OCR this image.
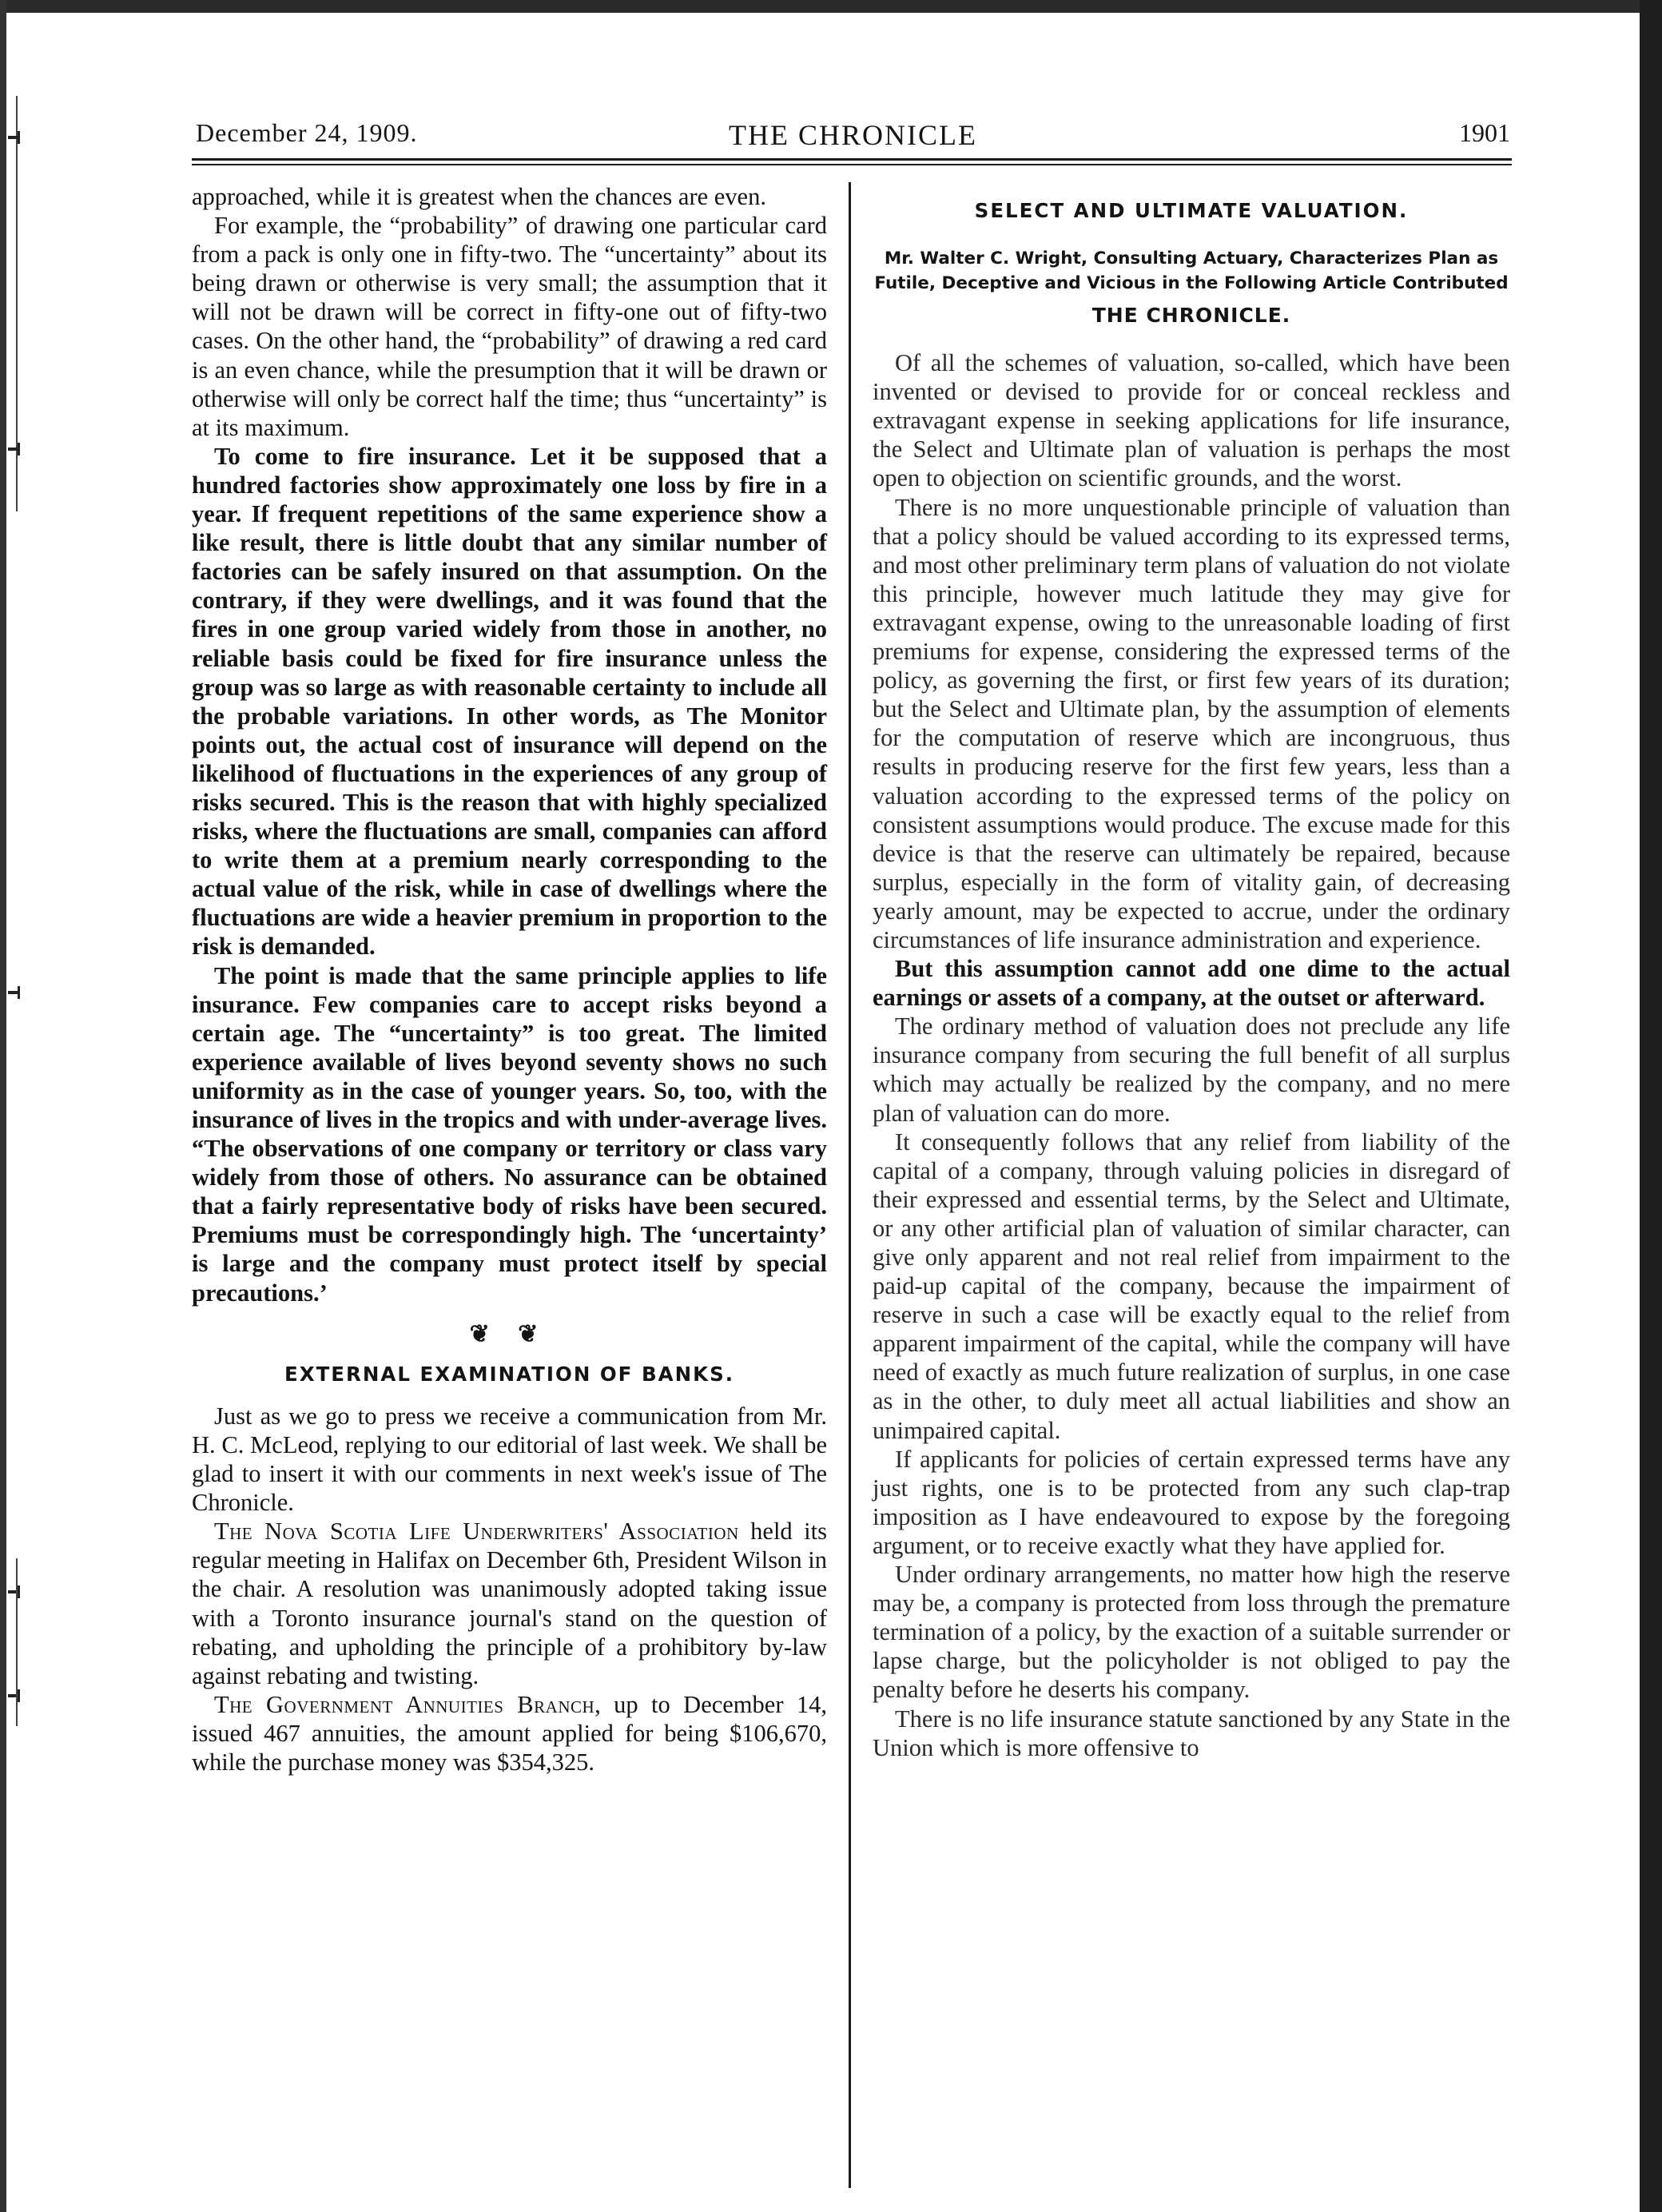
December 24, 1909.	THE CHRONICLE	1901

approached, while it is greatest when the chances are even.

For example, the “probability” of drawing one particular card from a pack is only one in fifty-two. The “uncertainty” about its being drawn or otherwise is very small; the assumption that it will not be drawn will be correct in fifty-one out of fifty-two cases. On the other hand, the “probability” of drawing a red card is an even chance, while the presumption that it will be drawn or otherwise will only be correct half the time; thus “uncertainty” is at its maximum.

To come to fire insurance. Let it be supposed that a hundred factories show approximately one loss by fire in a year. If frequent repetitions of the same experience show a like result, there is little doubt that any similar number of factories can be safely insured on that assumption. On the contrary, if they were dwellings, and it was found that the fires in one group varied widely from those in another, no reliable basis could be fixed for fire insurance unless the group was so large as with reasonable certainty to include all the probable variations. In other words, as The Monitor points out, the actual cost of insurance will depend on the likelihood of fluctuations in the experiences of any group of risks secured. This is the reason that with highly specialized risks, where the fluctuations are small, companies can afford to write them at a premium nearly corresponding to the actual value of the risk, while in case of dwellings where the fluctuations are wide a heavier premium in proportion to the risk is demanded.

The point is made that the same principle applies to life insurance. Few companies care to accept risks beyond a certain age. The “uncertainty” is too great. The limited experience available of lives beyond seventy shows no such uniformity as in the case of younger years. So, too, with the insurance of lives in the tropics and with under-average lives. “The observations of one company or territory or class vary widely from those of others. No assurance can be obtained that a fairly representative body of risks have been secured. Premiums must be correspondingly high. The ‘uncertainty’ is large and the company must protect itself by special precautions.’

❦ ❦
EXTERNAL EXAMINATION OF BANKS.

Just as we go to press we receive a communication from Mr. H. C. McLeod, replying to our editorial of last week. We shall be glad to insert it with our comments in next week's issue of The Chronicle.

The Nova Scotia Life Underwriters' Association held its regular meeting in Halifax on December 6th, President Wilson in the chair. A resolution was unanimously adopted taking issue with a Toronto insurance journal's stand on the question of rebating, and upholding the principle of a prohibitory by-law against rebating and twisting.

The Government Annuities Branch, up to December 14, issued 467 annuities, the amount applied for being $106,670, while the purchase money was $354,325.

SELECT AND ULTIMATE VALUATION.
Mr. Walter C. Wright, Consulting Actuary, Characterizes Plan as Futile, Deceptive and Vicious in the Following Article Contributed
THE CHRONICLE.

Of all the schemes of valuation, so-called, which have been invented or devised to provide for or conceal reckless and extravagant expense in seeking applications for life insurance, the Select and Ultimate plan of valuation is perhaps the most open to objection on scientific grounds, and the worst.

There is no more unquestionable principle of valuation than that a policy should be valued according to its expressed terms, and most other preliminary term plans of valuation do not violate this principle, however much latitude they may give for extravagant expense, owing to the unreasonable loading of first premiums for expense, considering the expressed terms of the policy, as governing the first, or first few years of its duration; but the Select and Ultimate plan, by the assumption of elements for the computation of reserve which are incongruous, thus results in producing reserve for the first few years, less than a valuation according to the expressed terms of the policy on consistent assumptions would produce. The excuse made for this device is that the reserve can ultimately be repaired, because surplus, especially in the form of vitality gain, of decreasing yearly amount, may be expected to accrue, under the ordinary circumstances of life insurance administration and experience.

But this assumption cannot add one dime to the actual earnings or assets of a company, at the outset or afterward.

The ordinary method of valuation does not preclude any life insurance company from securing the full benefit of all surplus which may actually be realized by the company, and no mere plan of valuation can do more.

It consequently follows that any relief from liability of the capital of a company, through valuing policies in disregard of their expressed and essential terms, by the Select and Ultimate, or any other artificial plan of valuation of similar character, can give only apparent and not real relief from impairment to the paid-up capital of the company, because the impairment of reserve in such a case will be exactly equal to the relief from apparent impairment of the capital, while the company will have need of exactly as much future realization of surplus, in one case as in the other, to duly meet all actual liabilities and show an unimpaired capital.

If applicants for policies of certain expressed terms have any just rights, one is to be protected from any such clap-trap imposition as I have endeavoured to expose by the foregoing argument, or to receive exactly what they have applied for.

Under ordinary arrangements, no matter how high the reserve may be, a company is protected from loss through the premature termination of a policy, by the exaction of a suitable surrender or lapse charge, but the policyholder is not obliged to pay the penalty before he deserts his company.

There is no life insurance statute sanctioned by any State in the Union which is more offensive to
